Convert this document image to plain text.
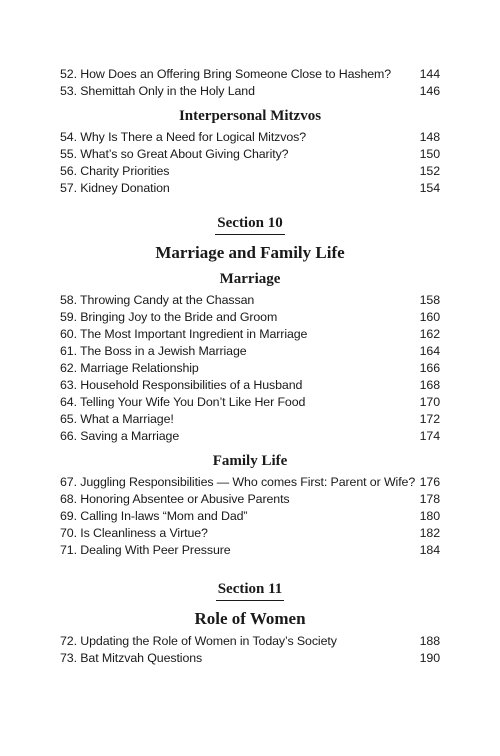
52. How Does an Offering Bring Someone Close to Hashem? 144
53. Shemittah Only in the Holy Land	146
Interpersonal Mitzvos
54. Why Is There a Need for Logical Mitzvos?	148
55. What’s so Great About Giving Charity?	150
56. Charity Priorities	152
57. Kidney Donation	154
Section 10
Marriage and Family Life
Marriage
58. Throwing Candy at the Chassan	158
59. Bringing Joy to the Bride and Groom	160
60. The Most Important Ingredient in Marriage	162
61. The Boss in a Jewish Marriage	164
62. Marriage Relationship	166
63. Household Responsibilities of a Husband	168
64. Telling Your Wife You Don’t Like Her Food	170
65. What a Marriage!	172
66. Saving a Marriage	174
Family Life
67. Juggling Responsibilities — Who comes First: Parent or Wife? 176
68. Honoring Absentee or Abusive Parents	178
69. Calling In-laws “Mom and Dad”	180
70. Is Cleanliness a Virtue?	182
71. Dealing With Peer Pressure	184
Section 11
Role of Women
72. Updating the Role of Women in Today’s Society	188
73. Bat Mitzvah Questions	190
